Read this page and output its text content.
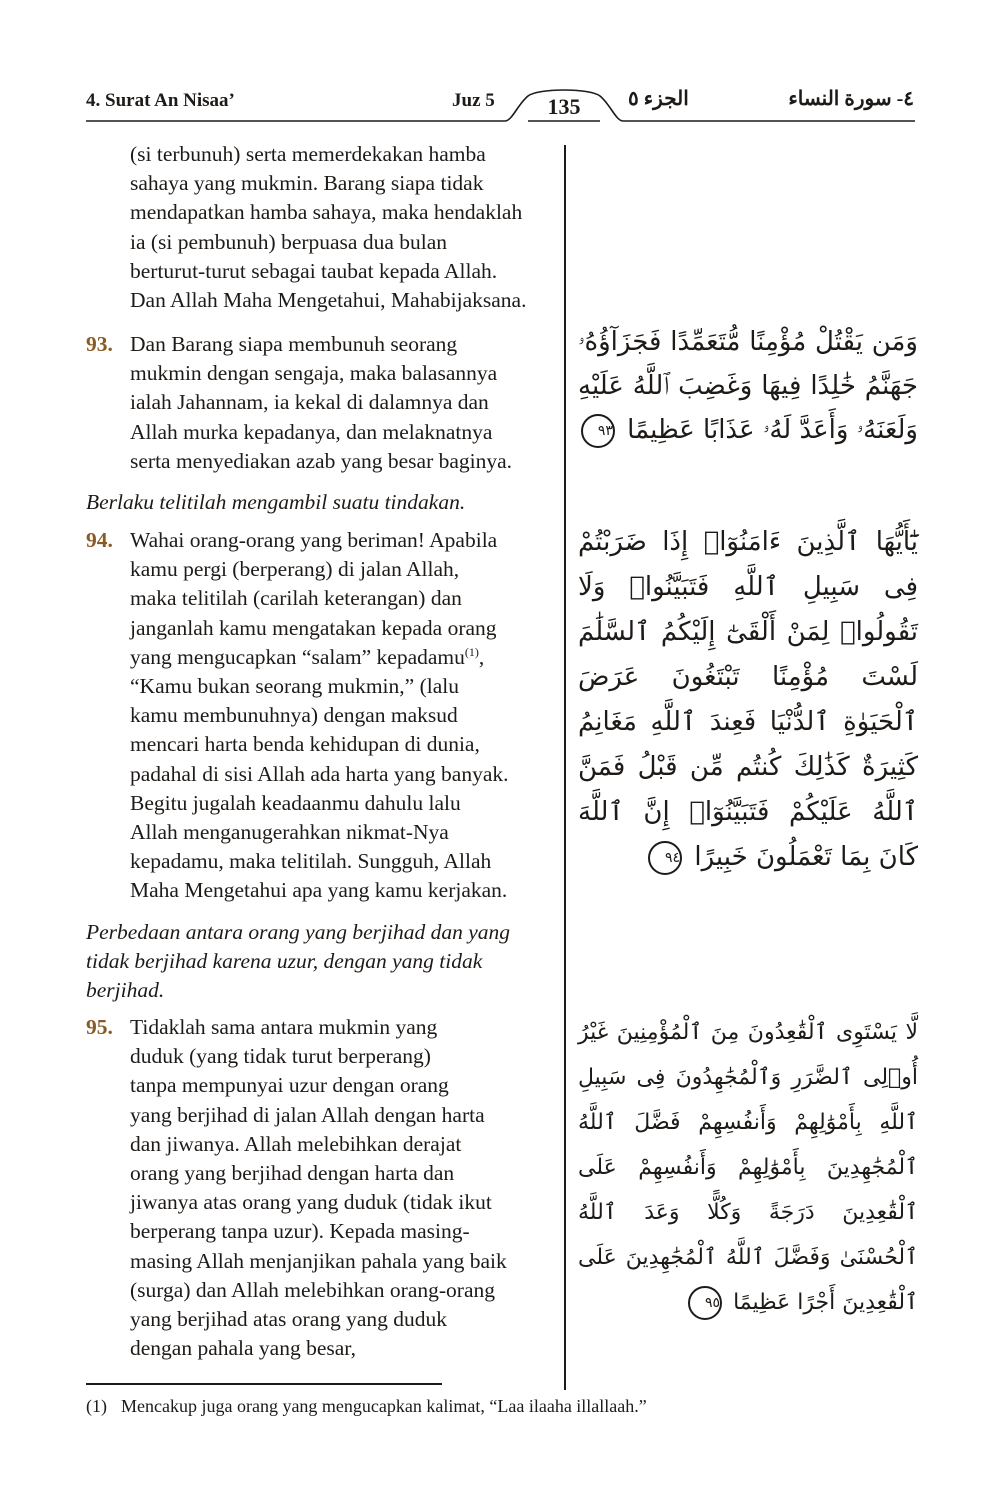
4. Surat An Nisaa’	Juz 5	135	الجزء ٥	٤- سورة النساء
(si terbunuh) serta memerdekakan hamba
sahaya yang mukmin. Barang siapa tidak
mendapatkan hamba sahaya, maka hendaklah
ia (si pembunuh) berpuasa dua bulan
berturut-turut sebagai taubat kepada Allah.
Dan Allah Maha Mengetahui, Mahabijaksana.
93. Dan Barang siapa membunuh seorang
mukmin dengan sengaja, maka balasannya
ialah Jahannam, ia kekal di dalamnya dan
Allah murka kepadanya, dan melaknatnya
serta menyediakan azab yang besar baginya.
وَمَن يَقْتُلْ مُؤْمِنًا مُّتَعَمِّدًا فَجَزَآؤُهُۥ جَهَنَّمُ خَٰلِدًا فِيهَا وَغَضِبَ ٱللَّهُ عَلَيْهِ وَلَعَنَهُۥ وَأَعَدَّ لَهُۥ عَذَابًا عَظِيمًا ٩٣
Berlaku telitilah mengambil suatu tindakan.
94. Wahai orang-orang yang beriman! Apabila
kamu pergi (berperang) di jalan Allah,
maka telitilah (carilah keterangan) dan
janganlah kamu mengatakan kepada orang
yang mengucapkan “salam” kepadamu$^{(1)}$,
“Kamu bukan seorang mukmin,” (lalu
kamu membunuhnya) dengan maksud
mencari harta benda kehidupan di dunia,
padahal di sisi Allah ada harta yang banyak.
Begitu jugalah keadaanmu dahulu lalu
Allah menganugerahkan nikmat-Nya
kepadamu, maka telitilah. Sungguh, Allah
Maha Mengetahui apa yang kamu kerjakan.
يَٰٓأَيُّهَا ٱلَّذِينَ ءَامَنُوٓا۟ إِذَا ضَرَبْتُمْ فِى سَبِيلِ ٱللَّهِ فَتَبَيَّنُوا۟ وَلَا تَقُولُوا۟ لِمَنْ أَلْقَىٰٓ إِلَيْكُمُ ٱلسَّلَٰمَ لَسْتَ مُؤْمِنًا تَبْتَغُونَ عَرَضَ ٱلْحَيَوٰةِ ٱلدُّنْيَا فَعِندَ ٱللَّهِ مَغَانِمُ كَثِيرَةٌ كَذَٰلِكَ كُنتُم مِّن قَبْلُ فَمَنَّ ٱللَّهُ عَلَيْكُمْ فَتَبَيَّنُوٓا۟ إِنَّ ٱللَّهَ كَانَ بِمَا تَعْمَلُونَ خَبِيرًا ٩٤
Perbedaan antara orang yang berjihad dan yang
tidak berjihad karena uzur, dengan yang tidak
berjihad.
95. Tidaklah sama antara mukmin yang
duduk (yang tidak turut berperang)
tanpa mempunyai uzur dengan orang
yang berjihad di jalan Allah dengan harta
dan jiwanya. Allah melebihkan derajat
orang yang berjihad dengan harta dan
jiwanya atas orang yang duduk (tidak ikut
berperang tanpa uzur). Kepada masing-
masing Allah menjanjikan pahala yang baik
(surga) dan Allah melebihkan orang-orang
yang berjihad atas orang yang duduk
dengan pahala yang besar,
لَّا يَسْتَوِى ٱلْقَٰعِدُونَ مِنَ ٱلْمُؤْمِنِينَ غَيْرُ أُو۟لِى ٱلضَّرَرِ وَٱلْمُجَٰهِدُونَ فِى سَبِيلِ ٱللَّهِ بِأَمْوَٰلِهِمْ وَأَنفُسِهِمْ فَضَّلَ ٱللَّهُ ٱلْمُجَٰهِدِينَ بِأَمْوَٰلِهِمْ وَأَنفُسِهِمْ عَلَى ٱلْقَٰعِدِينَ دَرَجَةً وَكُلًّا وَعَدَ ٱللَّهُ ٱلْحُسْنَىٰ وَفَضَّلَ ٱللَّهُ ٱلْمُجَٰهِدِينَ عَلَى ٱلْقَٰعِدِينَ أَجْرًا عَظِيمًا ٩٥
(1) Mencakup juga orang yang mengucapkan kalimat, “Laa ilaaha illallaah.”
